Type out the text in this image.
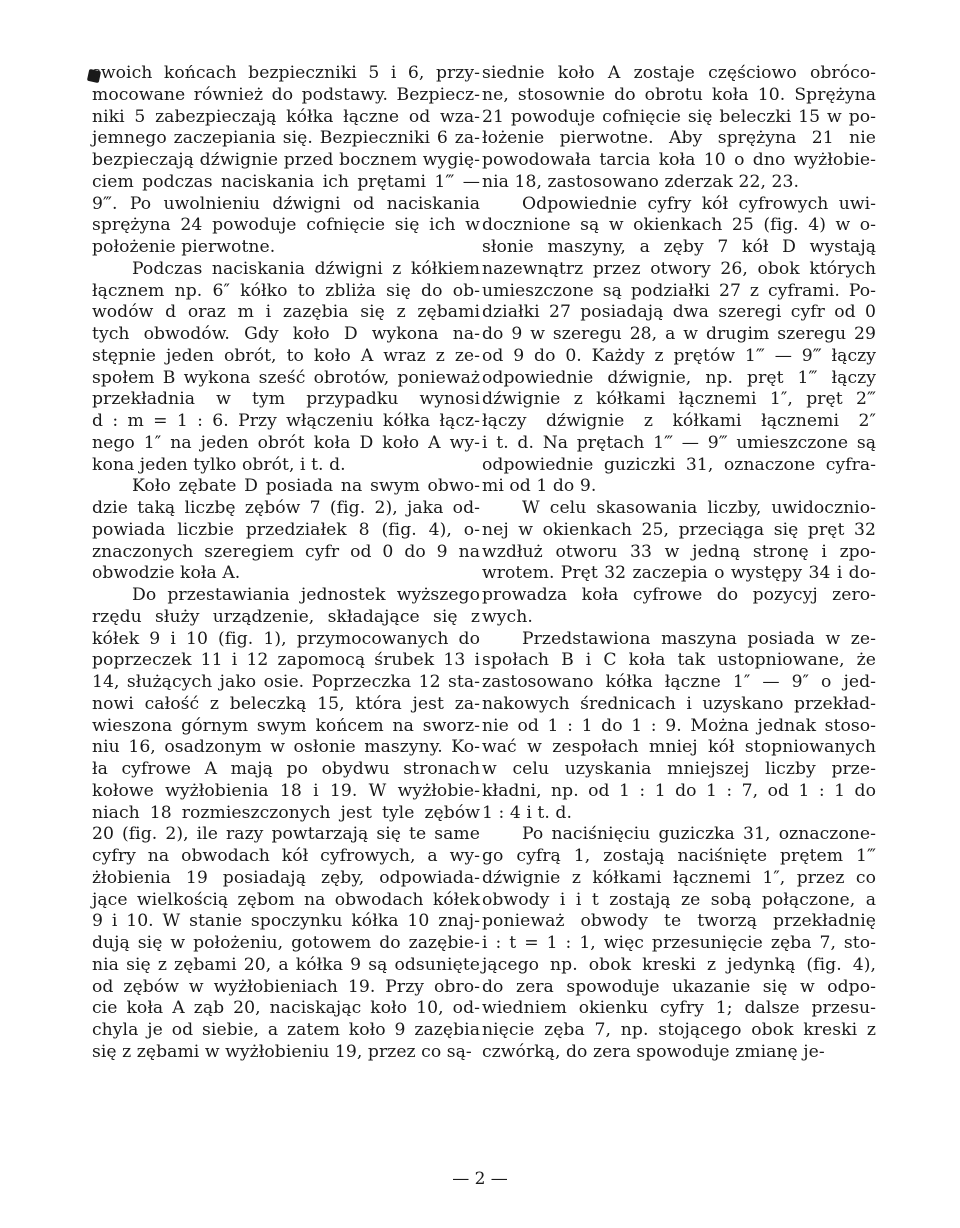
swoich końcach bezpieczniki 5 i 6, przy-
mocowane również do podstawy. Bezpiecz-
niki 5 zabezpieczają kółka łączne od wza-
jemnego zaczepiania się. Bezpieczniki 6 za-
bezpieczają dźwignie przed bocznem wygię-
ciem podczas naciskania ich prętami 1‴ —
9‴. Po uwolnieniu dźwigni od naciskania
sprężyna 24 powoduje cofnięcie się ich w
położenie pierwotne.
Podczas naciskania dźwigni z kółkiem
łącznem np. 6″ kółko to zbliża się do ob-
wodów d oraz m i zazębia się z zębami
tych obwodów. Gdy koło D wykona na-
stępnie jeden obrót, to koło A wraz z ze-
społem B wykona sześć obrotów, ponieważ
przekładnia w tym przypadku wynosi
d : m = 1 : 6. Przy włączeniu kółka łącz-
nego 1″ na jeden obrót koła D koło A wy-
kona jeden tylko obrót, i t. d.
Koło zębate D posiada na swym obwo-
dzie taką liczbę zębów 7 (fig. 2), jaka od-
powiada liczbie przedziałek 8 (fig. 4), o-
znaczonych szeregiem cyfr od 0 do 9 na
obwodzie koła A.
Do przestawiania jednostek wyższego
rzędu służy urządzenie, składające się z
kółek 9 i 10 (fig. 1), przymocowanych do
poprzeczek 11 i 12 zapomocą śrubek 13 i
14, służących jako osie. Poprzeczka 12 sta-
nowi całość z beleczką 15, która jest za-
wieszona górnym swym końcem na sworz-
niu 16, osadzonym w osłonie maszyny. Ko-
ła cyfrowe A mają po obydwu stronach
kołowe wyżłobienia 18 i 19. W wyżłobie-
niach 18 rozmieszczonych jest tyle zębów
20 (fig. 2), ile razy powtarzają się te same
cyfry na obwodach kół cyfrowych, a wy-
żłobienia 19 posiadają zęby, odpowiada-
jące wielkością zębom na obwodach kółek
9 i 10. W stanie spoczynku kółka 10 znaj-
dują się w położeniu, gotowem do zazębie-
nia się z zębami 20, a kółka 9 są odsunięte
od zębów w wyżłobieniach 19. Przy obro-
cie koła A ząb 20, naciskając koło 10, od-
chyla je od siebie, a zatem koło 9 zazębia
się z zębami w wyżłobieniu 19, przez co są-
siednie koło A zostaje częściowo obróco-
ne, stosownie do obrotu koła 10. Sprężyna
21 powoduje cofnięcie się beleczki 15 w po-
łożenie pierwotne. Aby sprężyna 21 nie
powodowała tarcia koła 10 o dno wyżłobie-
nia 18, zastosowano zderzak 22, 23.
Odpowiednie cyfry kół cyfrowych uwi-
docznione są w okienkach 25 (fig. 4) w o-
słonie maszyny, a zęby 7 kół D wystają
nazewnątrz przez otwory 26, obok których
umieszczone są podziałki 27 z cyframi. Po-
działki 27 posiadają dwa szeregi cyfr od 0
do 9 w szeregu 28, a w drugim szeregu 29
od 9 do 0. Każdy z prętów 1‴ — 9‴ łączy
odpowiednie dźwignie, np. pręt 1‴ łączy
dźwignie z kółkami łącznemi 1″, pręt 2‴
łączy dźwignie z kółkami łącznemi 2″
i t. d. Na prętach 1‴ — 9‴ umieszczone są
odpowiednie guziczki 31, oznaczone cyfra-
mi od 1 do 9.
W celu skasowania liczby, uwidocznio-
nej w okienkach 25, przeciąga się pręt 32
wzdłuż otworu 33 w jedną stronę i zpo-
wrotem. Pręt 32 zaczepia o występy 34 i do-
prowadza koła cyfrowe do pozycyj zero-
wych.
Przedstawiona maszyna posiada w ze-
społach B i C koła tak ustopniowane, że
zastosowano kółka łączne 1″ — 9″ o jed-
nakowych średnicach i uzyskano przekład-
nie od 1 : 1 do 1 : 9. Można jednak stoso-
wać w zespołach mniej kół stopniowanych
w celu uzyskania mniejszej liczby prze-
kładni, np. od 1 : 1 do 1 : 7, od 1 : 1 do
1 : 4 i t. d.
Po naciśnięciu guziczka 31, oznaczone-
go cyfrą 1, zostają naciśnięte prętem 1‴
dźwignie z kółkami łącznemi 1″, przez co
obwody i i t zostają ze sobą połączone, a
ponieważ obwody te tworzą przekładnię
i : t = 1 : 1, więc przesunięcie zęba 7, sto-
jącego np. obok kreski z jedynką (fig. 4),
do zera spowoduje ukazanie się w odpo-
wiedniem okienku cyfry 1; dalsze przesu-
nięcie zęba 7, np. stojącego obok kreski z
czwórką, do zera spowoduje zmianę je-
— 2 —
